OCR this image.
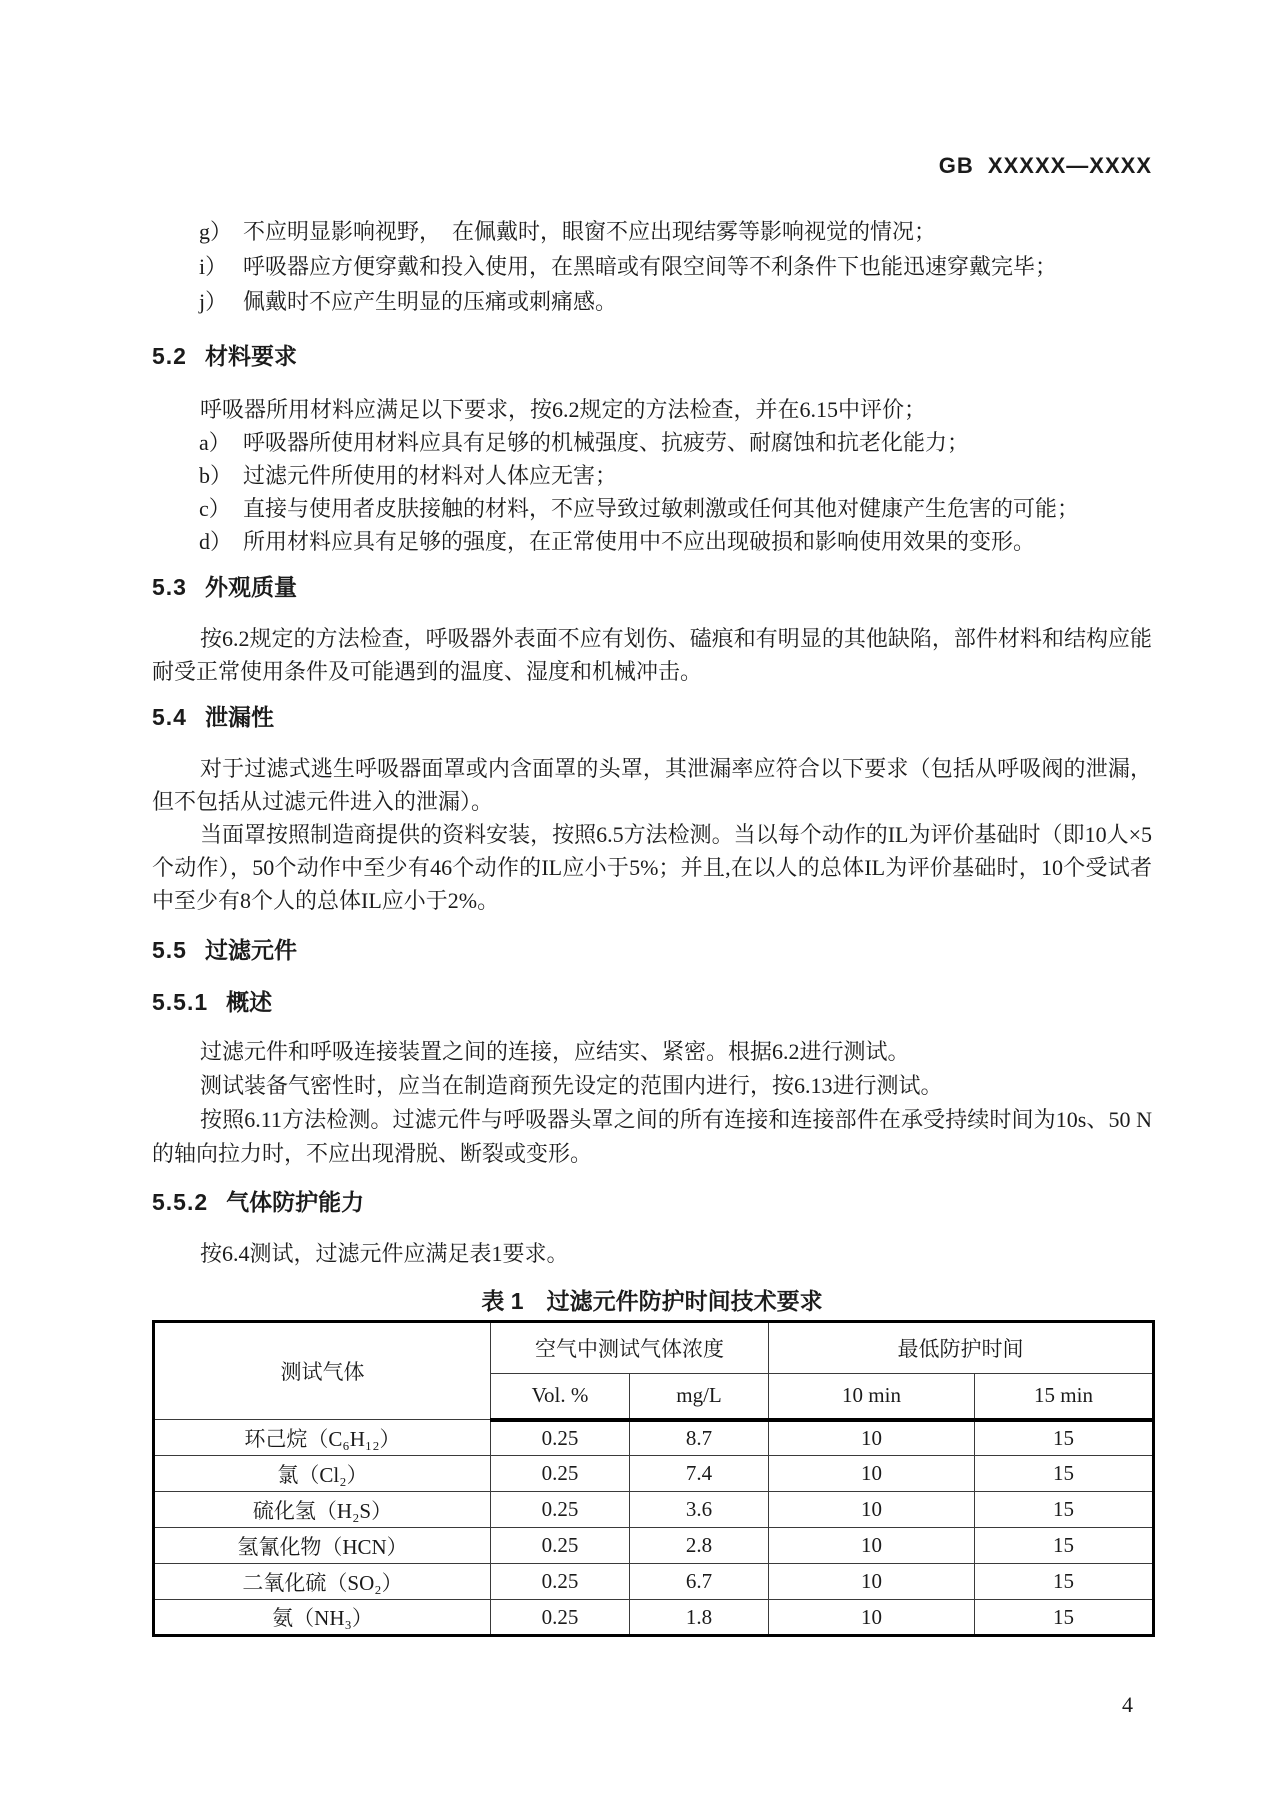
GB  XXXXX—XXXX
g） 不应明显影响视野，　在佩戴时，眼窗不应出现结雾等影响视觉的情况；
i） 呼吸器应方便穿戴和投入使用，在黑暗或有限空间等不利条件下也能迅速穿戴完毕；
j） 佩戴时不应产生明显的压痛或刺痛感。
5.2 材料要求

呼吸器所用材料应满足以下要求，按6.2规定的方法检查，并在6.15中评价；

a） 呼吸器所使用材料应具有足够的机械强度、抗疲劳、耐腐蚀和抗老化能力；
b） 过滤元件所使用的材料对人体应无害；
c） 直接与使用者皮肤接触的材料，不应导致过敏刺激或任何其他对健康产生危害的可能；
d） 所用材料应具有足够的强度，在正常使用中不应出现破损和影响使用效果的变形。
5.3 外观质量

按6.2规定的方法检查，呼吸器外表面不应有划伤、磕痕和有明显的其他缺陷，部件材料和结构应能耐受正常使用条件及可能遇到的温度、湿度和机械冲击。

5.4 泄漏性

对于过滤式逃生呼吸器面罩或内含面罩的头罩，其泄漏率应符合以下要求（包括从呼吸阀的泄漏，但不包括从过滤元件进入的泄漏）。

当面罩按照制造商提供的资料安装，按照6.5方法检测。当以每个动作的IL为评价基础时（即10人×5个动作），50个动作中至少有46个动作的IL应小于5%；并且,在以人的总体IL为评价基础时，10个受试者中至少有8个人的总体IL应小于2%。

5.5 过滤元件
5.5.1 概述

过滤元件和呼吸连接装置之间的连接，应结实、紧密。根据6.2进行测试。

测试装备气密性时，应当在制造商预先设定的范围内进行，按6.13进行测试。

按照6.11方法检测。过滤元件与呼吸器头罩之间的所有连接和连接部件在承受持续时间为10s、50 N 的轴向拉力时，不应出现滑脱、断裂或变形。

5.5.2 气体防护能力

按6.4测试，过滤元件应满足表1要求。

表 1　过滤元件防护时间技术要求
测试气体	空气中测试气体浓度		最低防护时间	
	Vol. %	mg/L	10 min	15 min
环己烷（C₆H₁₂）	0.25	8.7	10	15
氯（Cl₂）	0.25	7.4	10	15
硫化氢（H₂S）	0.25	3.6	10	15
氢氰化物（HCN）	0.25	2.8	10	15
二氧化硫（SO₂）	0.25	6.7	10	15
氨（NH₃）	0.25	1.8	10	15
4
